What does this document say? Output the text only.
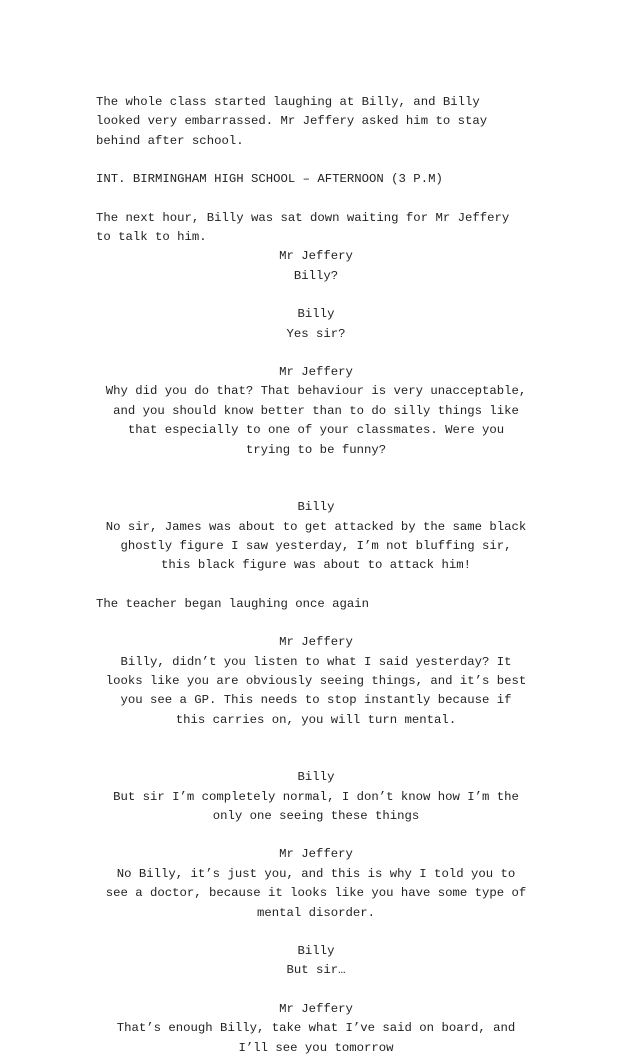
The whole class started laughing at Billy, and Billy
looked very embarrassed. Mr Jeffery asked him to stay
behind after school.
INT. BIRMINGHAM HIGH SCHOOL – AFTERNOON (3 P.M)
The next hour, Billy was sat down waiting for Mr Jeffery
to talk to him.
Mr Jeffery
Billy?
Billy
Yes sir?
Mr Jeffery
Why did you do that? That behaviour is very unacceptable,
and you should know better than to do silly things like
that especially to one of your classmates. Were you
trying to be funny?
Billy
No sir, James was about to get attacked by the same black
ghostly figure I saw yesterday, I’m not bluffing sir,
this black figure was about to attack him!
The teacher began laughing once again
Mr Jeffery
Billy, didn’t you listen to what I said yesterday? It
looks like you are obviously seeing things, and it’s best
you see a GP. This needs to stop instantly because if
this carries on, you will turn mental.
Billy
But sir I’m completely normal, I don’t know how I’m the
only one seeing these things
Mr Jeffery
No Billy, it’s just you, and this is why I told you to
see a doctor, because it looks like you have some type of
mental disorder.
Billy
But sir…
Mr Jeffery
That’s enough Billy, take what I’ve said on board, and
I’ll see you tomorrow
